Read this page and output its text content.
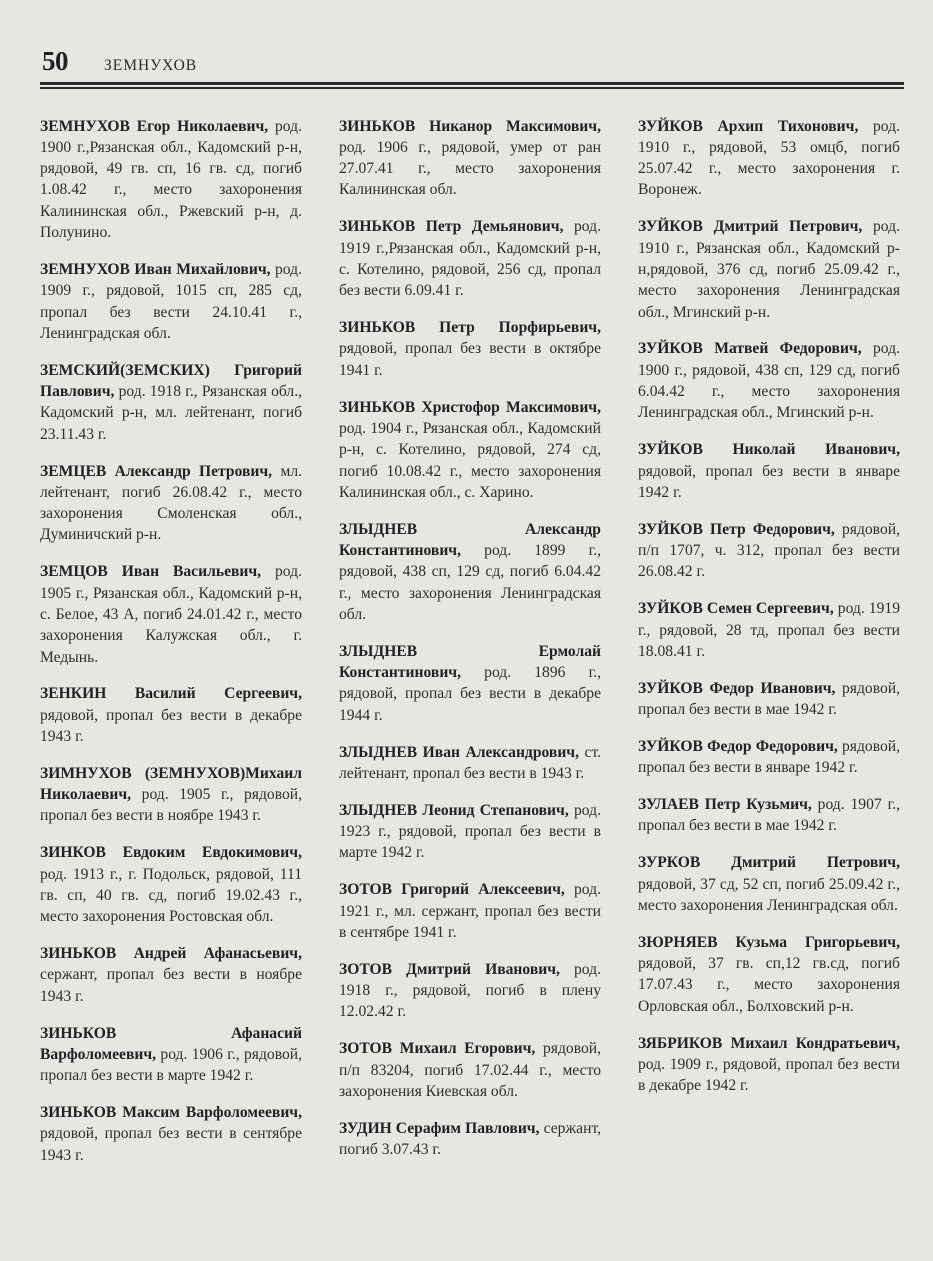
50 ЗЕМНУХОВ

ЗЕМНУХОВ Егор Николаевич, род. 1900 г.,Рязанская обл., Кадомский р-н, рядовой, 49 гв. сп, 16 гв. сд, погиб 1.08.42 г., место захоронения Калининская обл., Ржевский р-н, д. Полунино.

ЗЕМНУХОВ Иван Михайлович, род. 1909 г., рядовой, 1015 сп, 285 сд, пропал без вести 24.10.41 г., Ленинградская обл.

ЗЕМСКИЙ(ЗЕМСКИХ) Григорий Павлович, род. 1918 г., Рязанская обл., Кадомский р-н, мл. лейтенант, погиб 23.11.43 г.

ЗЕМЦЕВ Александр Петрович, мл. лейтенант, погиб 26.08.42 г., место захоронения Смоленская обл., Думиничский р-н.

ЗЕМЦОВ Иван Васильевич, род. 1905 г., Рязанская обл., Кадомский р-н, с. Белое, 43 А, погиб 24.01.42 г., место захоронения Калужская обл., г. Медынь.

ЗЕНКИН Василий Сергеевич, рядовой, пропал без вести в декабре 1943 г.

ЗИМНУХОВ (ЗЕМНУХОВ)Михаил Николаевич, род. 1905 г., рядовой, пропал без вести в ноябре 1943 г.

ЗИНКОВ Евдоким Евдокимович, род. 1913 г., г. Подольск, рядовой, 111 гв. сп, 40 гв. сд, погиб 19.02.43 г., место захоронения Ростовская обл.

ЗИНЬКОВ Андрей Афанасьевич, сержант, пропал без вести в ноябре 1943 г.

ЗИНЬКОВ Афанасий Варфоломеевич, род. 1906 г., рядовой, пропал без вести в марте 1942 г.

ЗИНЬКОВ Максим Варфоломеевич, рядовой, пропал без вести в сентябре 1943 г.

ЗИНЬКОВ Никанор Максимович, род. 1906 г., рядовой, умер от ран 27.07.41 г., место захоронения Калининская обл.

ЗИНЬКОВ Петр Демьянович, род. 1919 г.,Рязанская обл., Кадомский р-н, с. Котелино, рядовой, 256 сд, пропал без вести 6.09.41 г.

ЗИНЬКОВ Петр Порфирьевич, рядовой, пропал без вести в октябре 1941 г.

ЗИНЬКОВ Христофор Максимович, род. 1904 г., Рязанская обл., Кадомский р-н, с. Котелино, рядовой, 274 сд, погиб 10.08.42 г., место захоронения Калининская обл., с. Харино.

ЗЛЫДНЕВ Александр Константинович, род. 1899 г., рядовой, 438 сп, 129 сд, погиб 6.04.42 г., место захоронения Ленинградская обл.

ЗЛЫДНЕВ Ермолай Константинович, род. 1896 г., рядовой, пропал без вести в декабре 1944 г.

ЗЛЫДНЕВ Иван Александрович, ст. лейтенант, пропал без вести в 1943 г.

ЗЛЫДНЕВ Леонид Степанович, род. 1923 г., рядовой, пропал без вести в марте 1942 г.

ЗОТОВ Григорий Алексеевич, род. 1921 г., мл. сержант, пропал без вести в сентябре 1941 г.

ЗОТОВ Дмитрий Иванович, род. 1918 г., рядовой, погиб в плену 12.02.42 г.

ЗОТОВ Михаил Егорович, рядовой, п/п 83204, погиб 17.02.44 г., место захоронения Киевская обл.

ЗУДИН Серафим Павлович, сержант, погиб 3.07.43 г.

ЗУЙКОВ Архип Тихонович, род. 1910 г., рядовой, 53 омцб, погиб 25.07.42 г., место захоронения г. Воронеж.

ЗУЙКОВ Дмитрий Петрович, род. 1910 г., Рязанская обл., Кадомский р-н,рядовой, 376 сд, погиб 25.09.42 г., место захоронения Ленинградская обл., Мгинский р-н.

ЗУЙКОВ Матвей Федорович, род. 1900 г., рядовой, 438 сп, 129 сд, погиб 6.04.42 г., место захоронения Ленинградская обл., Мгинский р-н.

ЗУЙКОВ Николай Иванович, рядовой, пропал без вести в январе 1942 г.

ЗУЙКОВ Петр Федорович, рядовой, п/п 1707, ч. 312, пропал без вести 26.08.42 г.

ЗУЙКОВ Семен Сергеевич, род. 1919 г., рядовой, 28 тд, пропал без вести 18.08.41 г.

ЗУЙКОВ Федор Иванович, рядовой, пропал без вести в мае 1942 г.

ЗУЙКОВ Федор Федорович, рядовой, пропал без вести в январе 1942 г.

ЗУЛАЕВ Петр Кузьмич, род. 1907 г., пропал без вести в мае 1942 г.

ЗУРКОВ Дмитрий Петрович, рядовой, 37 сд, 52 сп, погиб 25.09.42 г., место захоронения Ленинградская обл.

ЗЮРНЯЕВ Кузьма Григорьевич, рядовой, 37 гв. сп,12 гв.сд, погиб 17.07.43 г., место захоронения Орловская обл., Болховский р-н.

ЗЯБРИКОВ Михаил Кондратьевич, род. 1909 г., рядовой, пропал без вести в декабре 1942 г.
